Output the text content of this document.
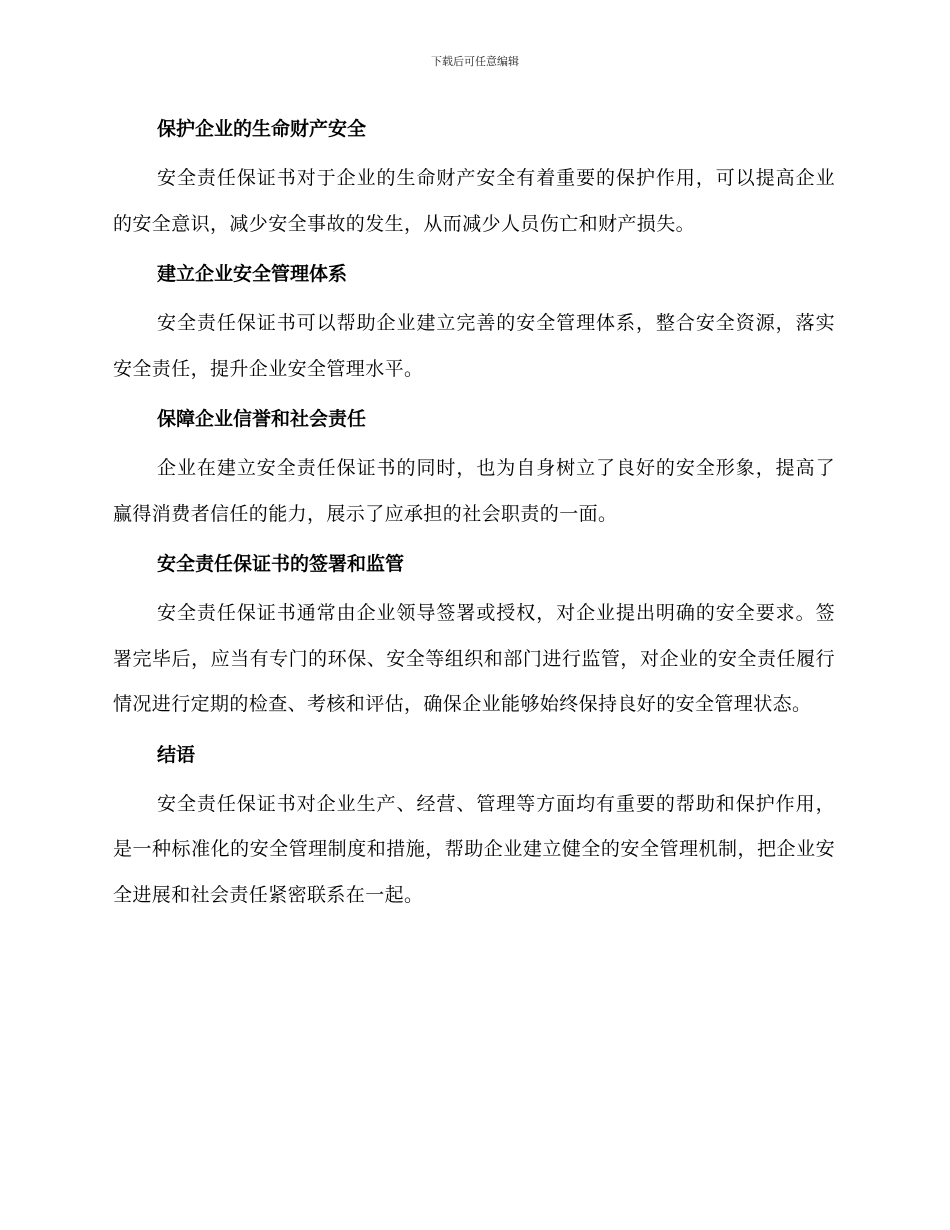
下载后可任意编辑
保护企业的生命财产安全

安全责任保证书对于企业的生命财产安全有着重要的保护作用，可以提高企业的安全意识，减少安全事故的发生，从而减少人员伤亡和财产损失。

建立企业安全管理体系

安全责任保证书可以帮助企业建立完善的安全管理体系，整合安全资源，落实安全责任，提升企业安全管理水平。

保障企业信誉和社会责任

企业在建立安全责任保证书的同时，也为自身树立了良好的安全形象，提高了赢得消费者信任的能力，展示了应承担的社会职责的一面。

安全责任保证书的签署和监管

安全责任保证书通常由企业领导签署或授权，对企业提出明确的安全要求。签署完毕后，应当有专门的环保、安全等组织和部门进行监管，对企业的安全责任履行情况进行定期的检查、考核和评估，确保企业能够始终保持良好的安全管理状态。

结语

安全责任保证书对企业生产、经营、管理等方面均有重要的帮助和保护作用，是一种标准化的安全管理制度和措施，帮助企业建立健全的安全管理机制，把企业安全进展和社会责任紧密联系在一起。
